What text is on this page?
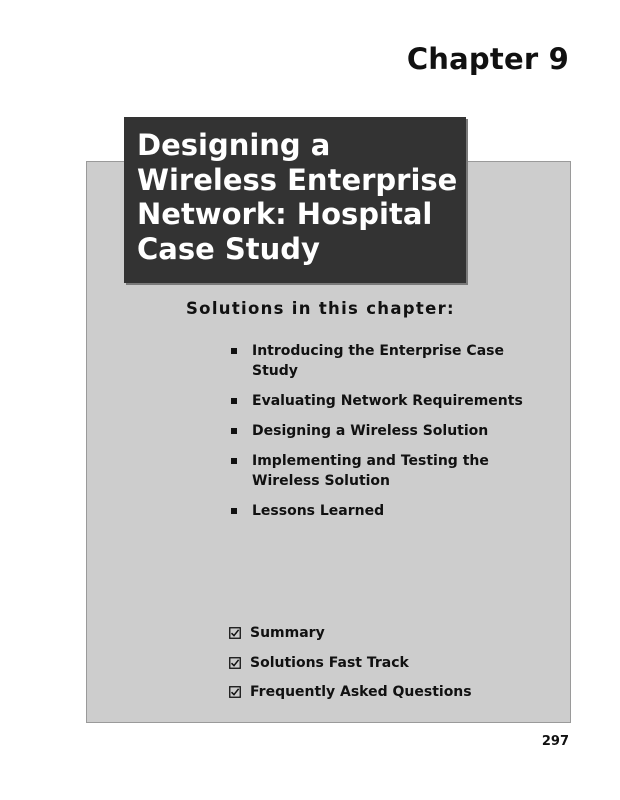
Chapter 9
Designing a
Wireless Enterprise
Network: Hospital
Case Study
Solutions in this chapter:
Introducing the Enterprise Case Study
Evaluating Network Requirements
Designing a Wireless Solution
Implementing and Testing the
Wireless Solution
Lessons Learned
Summary
Solutions Fast Track
Frequently Asked Questions
297
